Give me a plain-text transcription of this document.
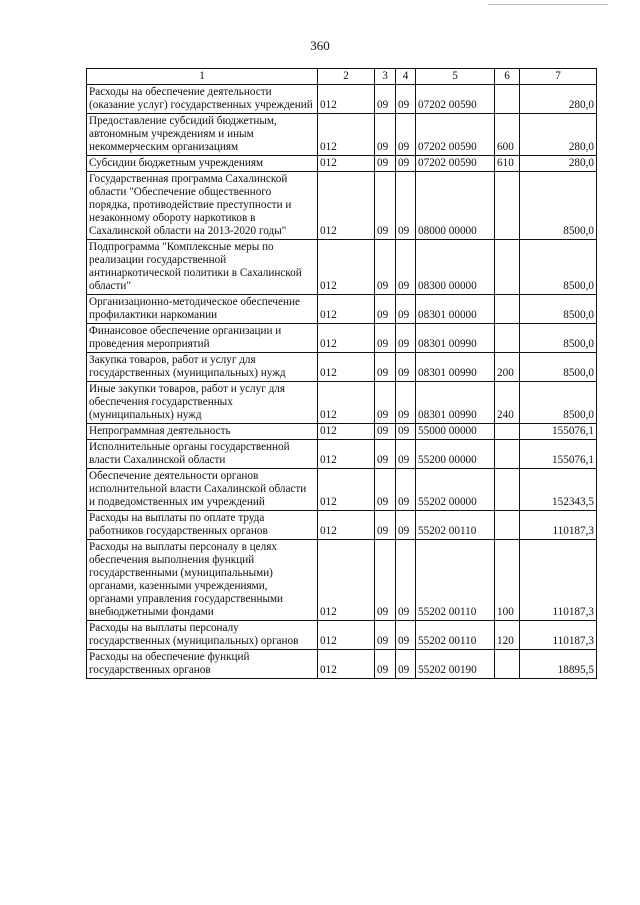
360
1	2	3	4	5	6	7
Расходы на обеспечение деятельности (оказание услуг) государственных учреждений	012	09	09	07202 00590		280,0
Предоставление субсидий бюджетным, автономным учреждениям и иным некоммерческим организациям	012	09	09	07202 00590	600	280,0
Субсидии бюджетным учреждениям	012	09	09	07202 00590	610	280,0
Государственная программа Сахалинской области "Обеспечение общественного порядка, противодействие преступности и незаконному обороту наркотиков в Сахалинской области на 2013-2020 годы"	012	09	09	08000 00000		8500,0
Подпрограмма "Комплексные меры по реализации государственной антинаркотической политики в Сахалинской области"	012	09	09	08300 00000		8500,0
Организационно-методическое обеспечение профилактики наркомании	012	09	09	08301 00000		8500,0
Финансовое обеспечение организации и проведения мероприятий	012	09	09	08301 00990		8500,0
Закупка товаров, работ и услуг для государственных (муниципальных) нужд	012	09	09	08301 00990	200	8500,0
Иные закупки товаров, работ и услуг для обеспечения государственных (муниципальных) нужд	012	09	09	08301 00990	240	8500,0
Непрограммная деятельность	012	09	09	55000 00000		155076,1
Исполнительные органы государственной власти Сахалинской области	012	09	09	55200 00000		155076,1
Обеспечение деятельности органов исполнительной власти Сахалинской области и подведомственных им учреждений	012	09	09	55202 00000		152343,5
Расходы на выплаты по оплате труда работников государственных органов	012	09	09	55202 00110		110187,3
Расходы на выплаты персоналу в целях обеспечения выполнения функций государственными (муниципальными) органами, казенными учреждениями, органами управления государственными внебюджетными фондами	012	09	09	55202 00110	100	110187,3
Расходы на выплаты персоналу государственных (муниципальных) органов	012	09	09	55202 00110	120	110187,3
Расходы на обеспечение функций государственных органов	012	09	09	55202 00190		18895,5
